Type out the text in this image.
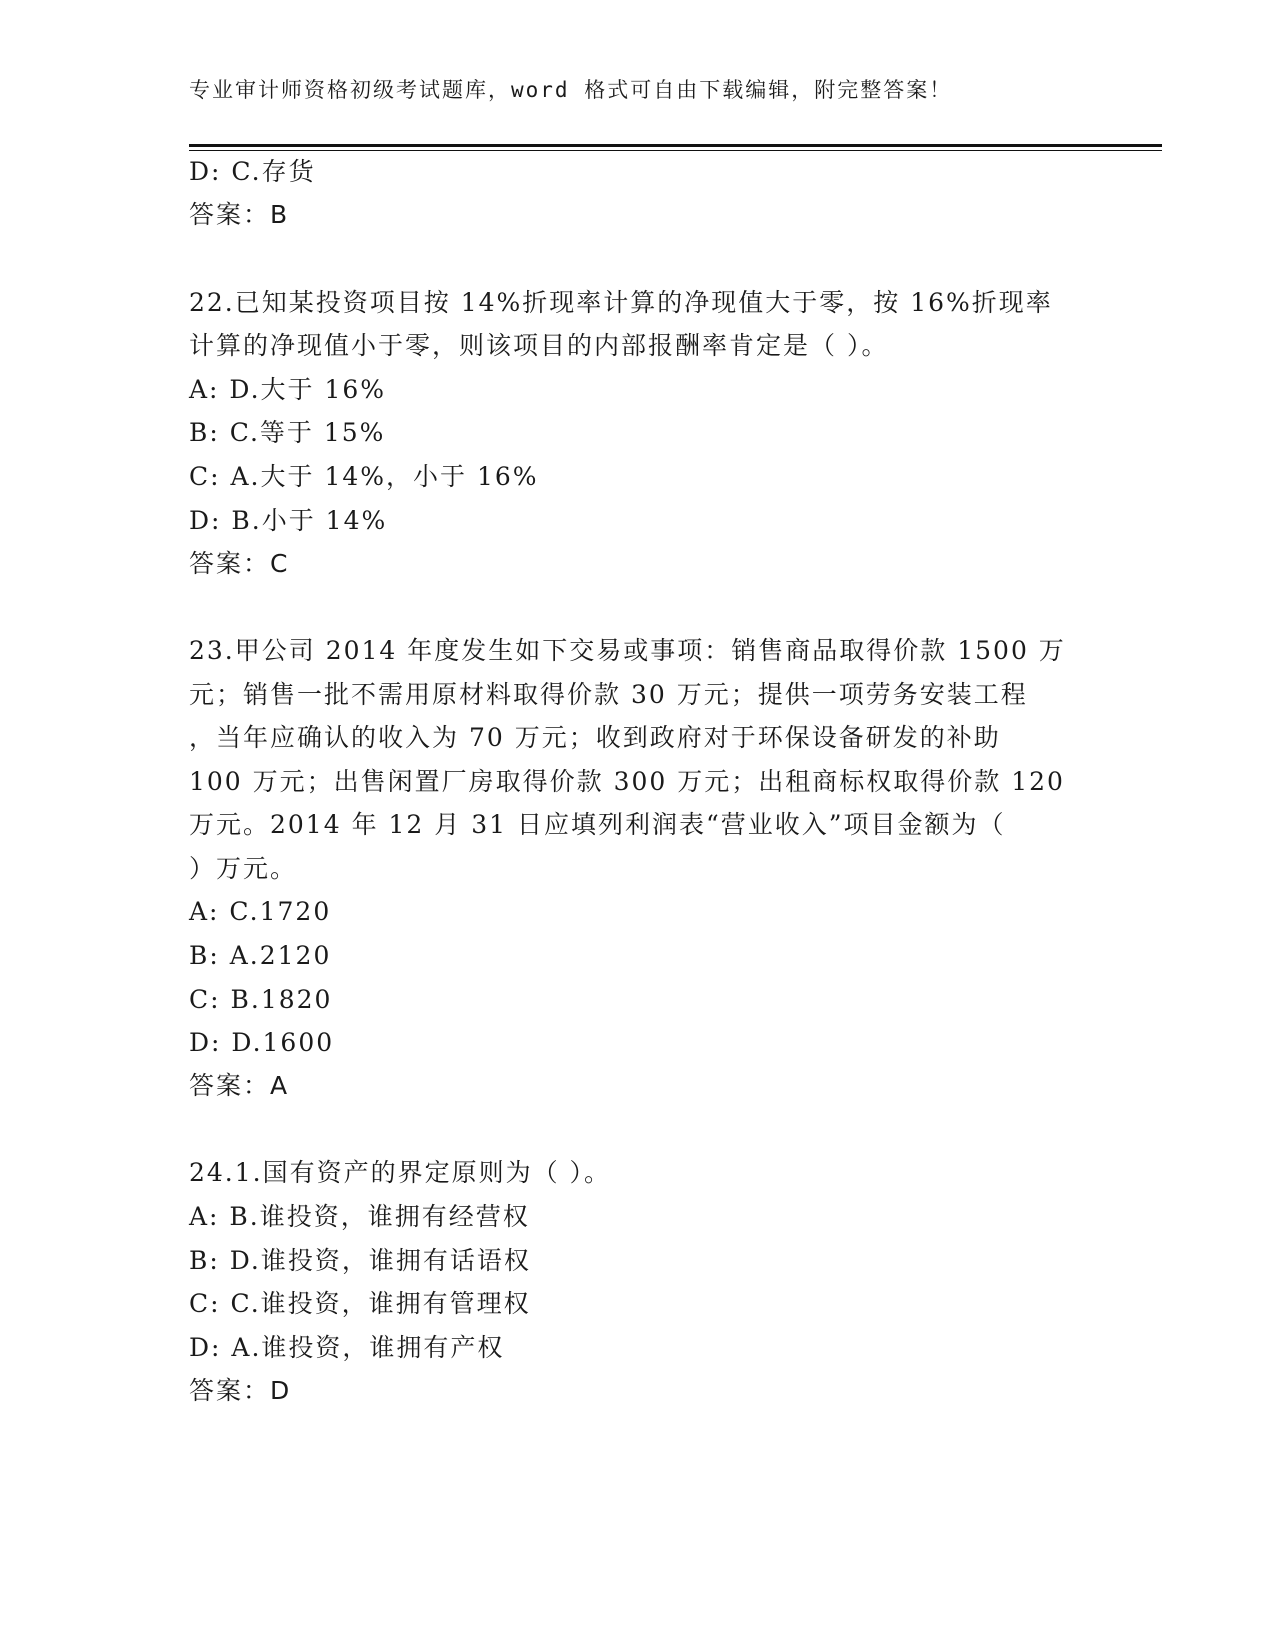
专业审计师资格初级考试题库，word 格式可自由下载编辑，附完整答案！
D: C.存货
答案：B
22.已知某投资项目按 14%折现率计算的净现值大于零，按 16%折现率
计算的净现值小于零，则该项目的内部报酬率肯定是（ ）。
A: D.大于 16%
B: C.等于 15%
C: A.大于 14%，小于 16%
D: B.小于 14%
答案：C
23.甲公司 2014 年度发生如下交易或事项：销售商品取得价款 1500 万
元；销售一批不需用原材料取得价款 30 万元；提供一项劳务安装工程
，当年应确认的收入为 70 万元；收到政府对于环保设备研发的补助
100 万元；出售闲置厂房取得价款 300 万元；出租商标权取得价款 120
万元。2014 年 12 月 31 日应填列利润表“营业收入”项目金额为（
）万元。
A: C.1720
B: A.2120
C: B.1820
D: D.1600
答案：A
24.1.国有资产的界定原则为（ ）。
A: B.谁投资，谁拥有经营权
B: D.谁投资，谁拥有话语权
C: C.谁投资，谁拥有管理权
D: A.谁投资，谁拥有产权
答案：D
